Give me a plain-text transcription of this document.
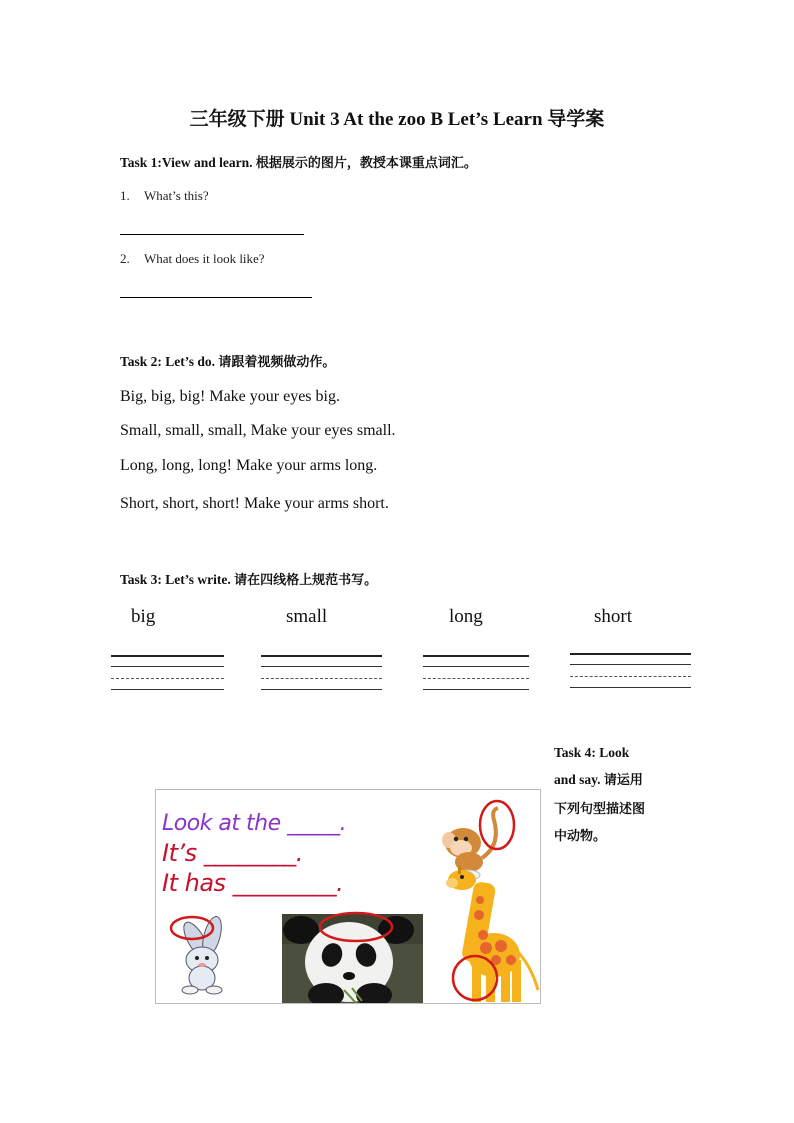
三年级下册 Unit 3 At the zoo B Let’s Learn 导学案
Task 1:View and learn. 根据展示的图片，教授本课重点词汇。
1. What’s this?
2. What does it look like?
Task 2: Let’s do. 请跟着视频做动作。
Big, big, big! Make your eyes big.
Small, small, small, Make your eyes small.
Long, long, long! Make your arms long.
Short, short, short! Make your arms short.
Task 3: Let’s write. 请在四线格上规范书写。
big	small	long	short
Task 4: Look
and say. 请运用
下列句型描述图
中动物。
Look at the _____.
It’s ________.
It has _________.
